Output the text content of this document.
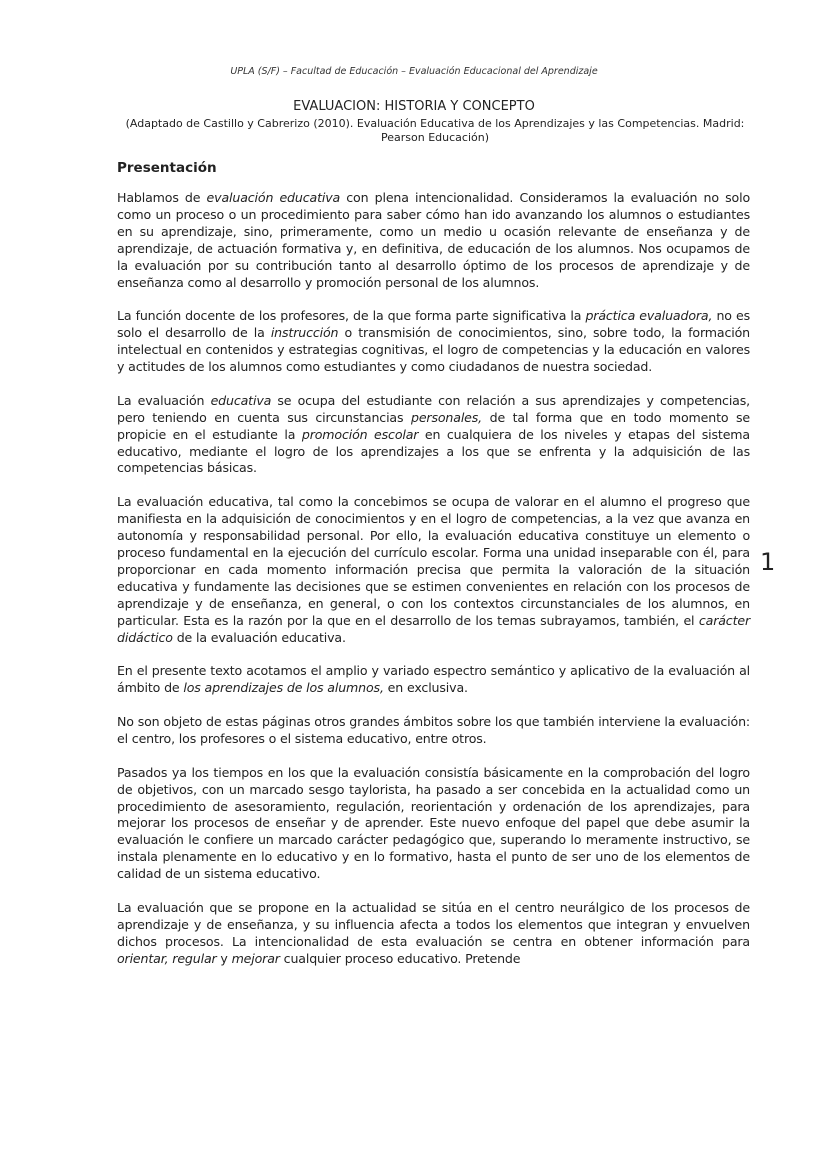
UPLA (S/F) – Facultad de Educación – Evaluación Educacional del Aprendizaje
EVALUACION: HISTORIA Y CONCEPTO
(Adaptado de Castillo y Cabrerizo (2010). Evaluación Educativa de los Aprendizajes y las Competencias. Madrid: Pearson Educación)
Presentación

Hablamos de evaluación educativa con plena intencionalidad. Consideramos la evaluación no solo como un proceso o un procedimiento para saber cómo han ido avanzando los alumnos o estudiantes en su aprendizaje, sino, primeramente, como un medio u ocasión relevante de enseñanza y de aprendizaje, de actuación formativa y, en definitiva, de educación de los alumnos. Nos ocupamos de la evaluación por su contribución tanto al desarrollo óptimo de los procesos de aprendizaje y de enseñanza como al desarrollo y promoción personal de los alumnos.

La función docente de los profesores, de la que forma parte significativa la práctica evaluadora, no es solo el desarrollo de la instrucción o transmisión de conocimientos, sino, sobre todo, la formación intelectual en contenidos y estrategias cognitivas, el logro de competencias y la educación en valores y actitudes de los alumnos como estudiantes y como ciudadanos de nuestra sociedad.

La evaluación educativa se ocupa del estudiante con relación a sus aprendizajes y competencias, pero teniendo en cuenta sus circunstancias personales, de tal forma que en todo momento se propicie en el estudiante la promoción escolar en cualquiera de los niveles y etapas del sistema educativo, mediante el logro de los aprendizajes a los que se enfrenta y la adquisición de las competencias básicas.

La evaluación educativa, tal como la concebimos se ocupa de valorar en el alumno el progreso que manifiesta en la adquisición de conocimientos y en el logro de competencias, a la vez que avanza en autonomía y responsabilidad personal. Por ello, la evaluación educativa constituye un elemento o proceso fundamental en la ejecución del currículo escolar. Forma una unidad inseparable con él, para proporcionar en cada momento información precisa que permita la valoración de la situación educativa y fundamente las decisiones que se estimen convenientes en relación con los procesos de aprendizaje y de enseñanza, en general, o con los contextos circunstanciales de los alumnos, en particular. Esta es la razón por la que en el desarrollo de los temas subrayamos, también, el carácter didáctico de la evaluación educativa.

En el presente texto acotamos el amplio y variado espectro semántico y aplicativo de la evaluación al ámbito de los aprendizajes de los alumnos, en exclusiva.

No son objeto de estas páginas otros grandes ámbitos sobre los que también interviene la evaluación: el centro, los profesores o el sistema educativo, entre otros.

Pasados ya los tiempos en los que la evaluación consistía básicamente en la comprobación del logro de objetivos, con un marcado sesgo taylorista, ha pasado a ser concebida en la actualidad como un procedimiento de asesoramiento, regulación, reorientación y ordenación de los aprendizajes, para mejorar los procesos de enseñar y de aprender. Este nuevo enfoque del papel que debe asumir la evaluación le confiere un marcado carácter pedagógico que, superando lo meramente instructivo, se instala plenamente en lo educativo y en lo formativo, hasta el punto de ser uno de los elementos de calidad de un sistema educativo.

La evaluación que se propone en la actualidad se sitúa en el centro neurálgico de los procesos de aprendizaje y de enseñanza, y su influencia afecta a todos los elementos que integran y envuelven dichos procesos. La intencionalidad de esta evaluación se centra en obtener información para orientar, regular y mejorar cualquier proceso educativo. Pretende

1
